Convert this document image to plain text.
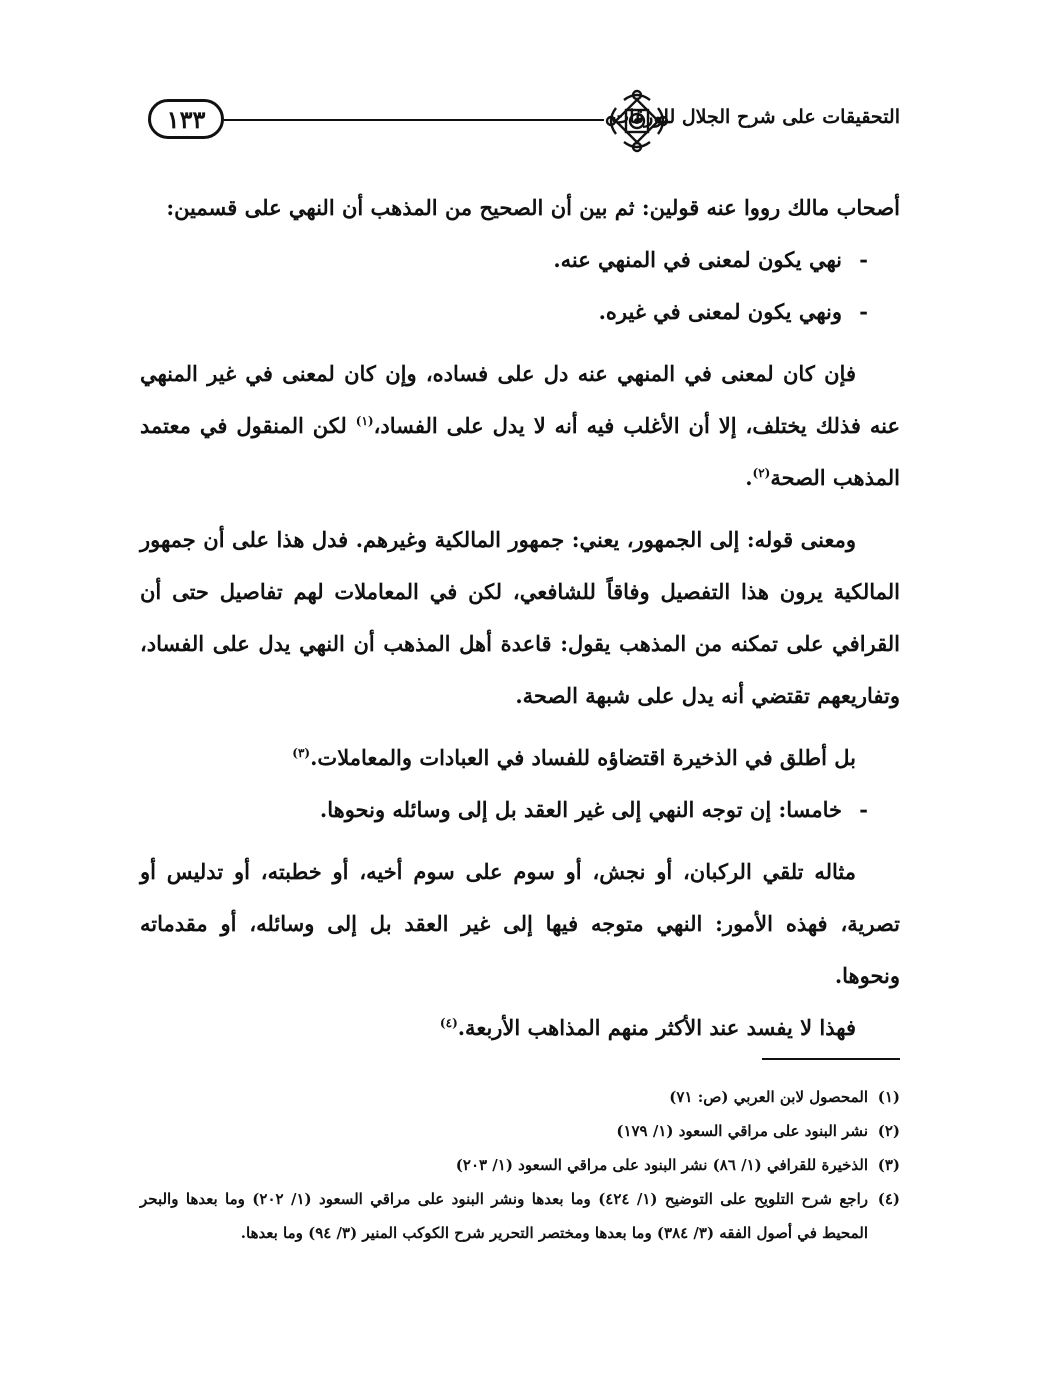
١٣٣	التحقيقات على شرح الجلال للورقات

أصحاب مالك رووا عنه قولين: ثم بين أن الصحيح من المذهب أن النهي على قسمين:

-نهي يكون لمعنى في المنهي عنه.
-ونهي يكون لمعنى في غيره.

فإن كان لمعنى في المنهي عنه دل على فساده، وإن كان لمعنى في غير المنهي عنه فذلك يختلف، إلا أن الأغلب فيه أنه لا يدل على الفساد،$^{(١)}$ لكن المنقول في معتمد المذهب الصحة$^{(٢)}$.

ومعنى قوله: إلى الجمهور، يعني: جمهور المالكية وغيرهم. فدل هذا على أن جمهور المالكية يرون هذا التفصيل وفاقاً للشافعي، لكن في المعاملات لهم تفاصيل حتى أن القرافي على تمكنه من المذهب يقول: قاعدة أهل المذهب أن النهي يدل على الفساد، وتفاريعهم تقتضي أنه يدل على شبهة الصحة.

بل أطلق في الذخيرة اقتضاؤه للفساد في العبادات والمعاملات.$^{(٣)}$

-خامسا: إن توجه النهي إلى غير العقد بل إلى وسائله ونحوها.

مثاله تلقي الركبان، أو نجش، أو سوم على سوم أخيه، أو خطبته، أو تدليس أو تصرية، فهذه الأمور: النهي متوجه فيها إلى غير العقد بل إلى وسائله، أو مقدماته ونحوها.

فهذا لا يفسد عند الأكثر منهم المذاهب الأربعة.$^{(٤)}$

(١)
المحصول لابن العربي (ص: ٧١)
(٢)
نشر البنود على مراقي السعود (١/ ١٧٩)
(٣)
الذخيرة للقرافي (١/ ٨٦) نشر البنود على مراقي السعود (١/ ٢٠٣)
(٤)
راجع شرح التلويح على التوضيح (١/ ٤٢٤) وما بعدها ونشر البنود على مراقي السعود (١/ ٢٠٢) وما بعدها والبحر المحيط في أصول الفقه (٣/ ٣٨٤) وما بعدها ومختصر التحرير شرح الكوكب المنير (٣/ ٩٤) وما بعدها.
